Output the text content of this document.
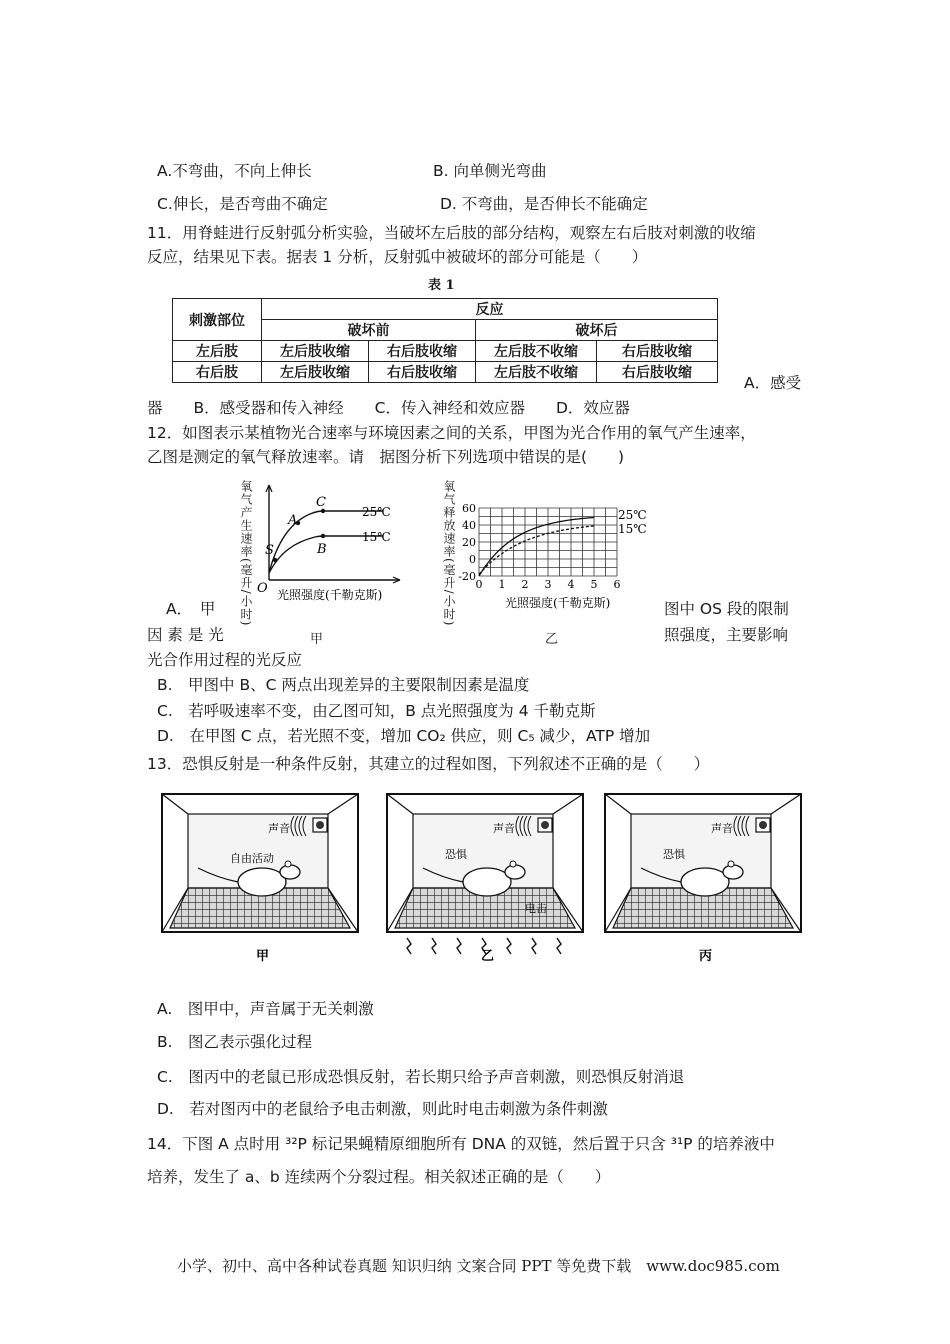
A.不弯曲，不向上伸长	B. 向单侧光弯曲
C.伸长，是否弯曲不确定	D. 不弯曲，是否伸长不能确定
11．用脊蛙进行反射弧分析实验，当破坏左后肢的部分结构，观察左右后肢对刺激的收缩
反应，结果见下表。据表 1 分析，反射弧中被破坏的部分可能是（　　）
表 1
刺激部位	反应			
	破坏前		破坏后	
左后肢	左后肢收缩	右后肢收缩	左后肢不收缩	右后肢收缩
右后肢	左后肢收缩	右后肢收缩	左后肢不收缩	右后肢收缩
A．感受
器　　B．感受器和传入神经　　C．传入神经和效应器　　D．效应器
12．如图表示某植物光合速率与环境因素之间的关系，甲图为光合作用的氧气产生速率，
乙图是测定的氧气释放速率。请　据图分析下列选项中错误的是(　　)
氧气产生速率(毫升/小时)	A
B
C
S
O
25℃
15℃
光照强度(千勒克斯)
甲
氧气释放速率(毫升/小时) 60
40
20
0
-20
0 1 2 3 4 5 6
25℃
15℃
光照强度(千勒克斯)
乙
A．　甲
因 素 是 光
图中 OS 段的限制
照强度，主要影响
光合作用过程的光反应
B.　甲图中 B、C 两点出现差异的主要限制因素是温度
C.　若呼吸速率不变，由乙图可知，B 点光照强度为 4 千勒克斯
D.　在甲图 C 点，若光照不变，增加 CO₂ 供应，则 C₅ 减少，ATP 增加
13．恐惧反射是一种条件反射，其建立的过程如图，下列叙述不正确的是（　　）
声音
自由活动
甲
声音
恐惧
电击
乙
声音
恐惧
丙
A.　图甲中，声音属于无关刺激
B.　图乙表示强化过程
C.　图丙中的老鼠已形成恐惧反射，若长期只给予声音刺激，则恐惧反射消退
D.　若对图丙中的老鼠给予电击刺激，则此时电击刺激为条件刺激
14．下图 A 点时用 ³²P 标记果蝇精原细胞所有 DNA 的双链，然后置于只含 ³¹P 的培养液中
培养，发生了 a、b 连续两个分裂过程。相关叙述正确的是（　　）
小学、初中、高中各种试卷真题 知识归纳 文案合同 PPT 等免费下载　www.doc985.com
